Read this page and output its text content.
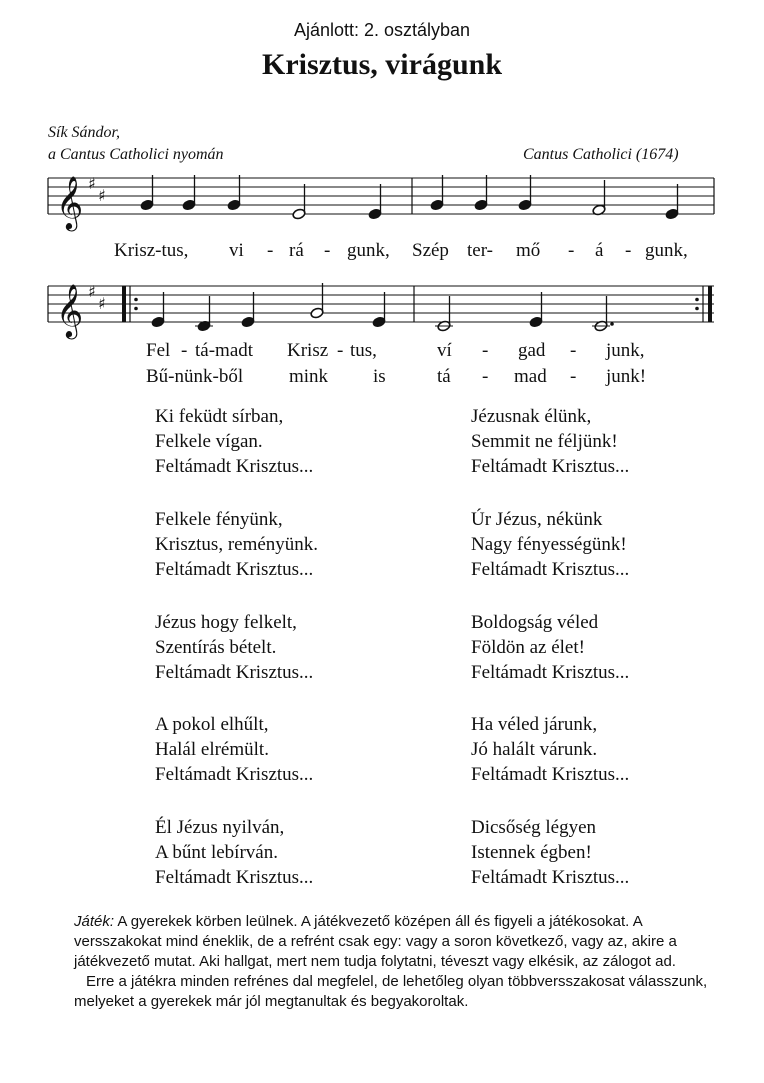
Ajánlott: 2. osztályban
Krisztus, virágunk
Sík Sándor,
a Cantus Catholici nyomán	Cantus Catholici (1674)
𝄞
𝄞
♯
♯
♯
♯
Krisz-tus, vi - rá - gunk, Szép ter- mő - á - gunk,
Fel - tá-madt Krisz - tus,	ví - gad - junk,
Bű-nünk-ből mink is	tá - mad - junk!
Ki feküdt sírban,
Felkele vígan.
Feltámadt Krisztus...
Jézusnak élünk,
Semmit ne féljünk!
Feltámadt Krisztus...
Felkele fényünk,
Krisztus, reményünk.
Feltámadt Krisztus...
Úr Jézus, nékünk
Nagy fényességünk!
Feltámadt Krisztus...
Jézus hogy felkelt,
Szentírás bételt.
Feltámadt Krisztus...
Boldogság véled
Földön az élet!
Feltámadt Krisztus...
A pokol elhűlt,
Halál elrémült.
Feltámadt Krisztus...
Ha véled járunk,
Jó halált várunk.
Feltámadt Krisztus...
Él Jézus nyilván,
A bűnt lebírván.
Feltámadt Krisztus...
Dicsőség légyen
Istennek égben!
Feltámadt Krisztus...

Játék: A gyerekek körben leülnek. A játékvezető középen áll és figyeli a játékosokat. A versszakokat mind éneklik, de a refrént csak egy: vagy a soron következő, vagy az, akire a játékvezető mutat. Aki hallgat, mert nem tudja folytatni, téveszt vagy elkésik, az zálogot ad.

Erre a játékra minden refrénes dal megfelel, de lehetőleg olyan többversszakosat válasszunk, melyeket a gyerekek már jól megtanultak és begyakoroltak.
